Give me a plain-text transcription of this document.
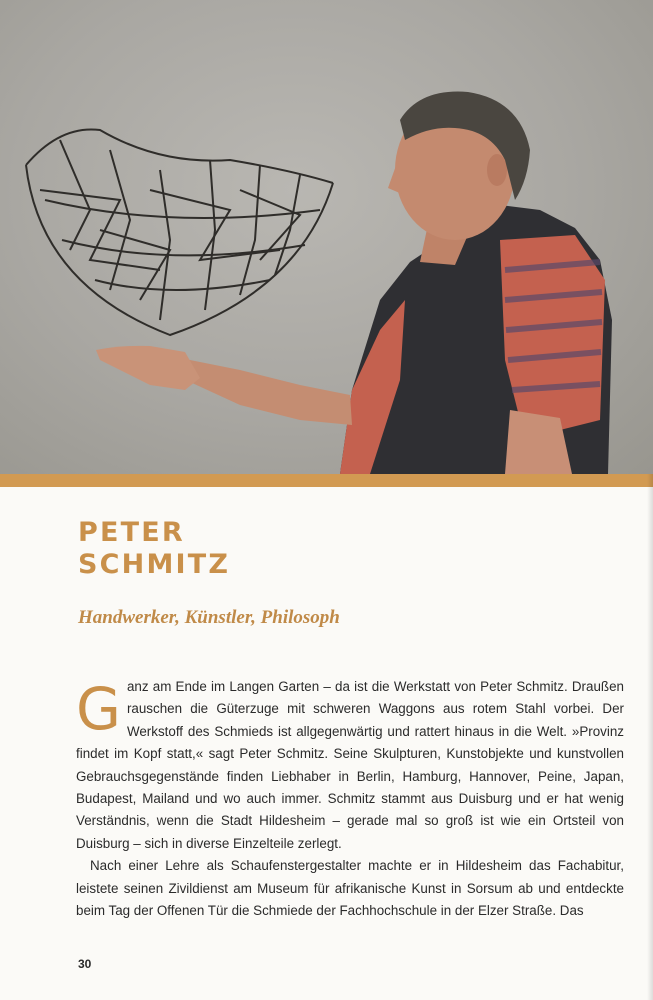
PETER
SCHMITZ
Handwerker, Künstler, Philosoph

Ganz am Ende im Langen Garten – da ist die Werkstatt von Peter Schmitz. Draußen rauschen die Güterzuge mit schweren Waggons aus rotem Stahl vorbei. Der Werkstoff des Schmieds ist allgegenwärtig und rattert hinaus in die Welt. »Provinz findet im Kopf statt,« sagt Peter Schmitz. Seine Skulpturen, Kunstobjekte und kunstvollen Gebrauchsgegenstände finden Liebhaber in Berlin, Hamburg, Hannover, Peine, Japan, Budapest, Mailand und wo auch immer. Schmitz stammt aus Duisburg und er hat wenig Verständnis, wenn die Stadt Hildesheim – gerade mal so groß ist wie ein Ortsteil von Duisburg – sich in diverse Einzelteile zerlegt.

Nach einer Lehre als Schaufenstergestalter machte er in Hildesheim das Fachabitur, leistete seinen Zivildienst am Museum für afrikanische Kunst in Sorsum ab und entdeckte beim Tag der Offenen Tür die Schmiede der Fachhochschule in der Elzer Straße. Das

30
